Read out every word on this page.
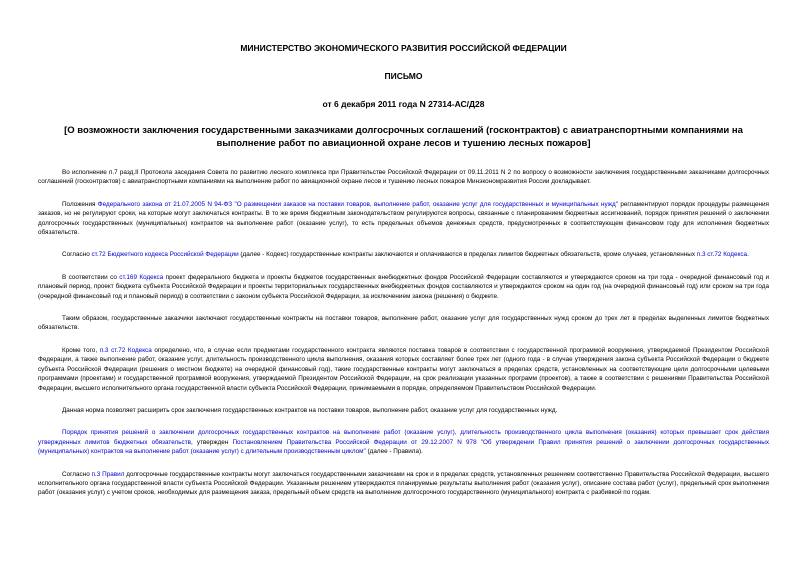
МИНИСТЕРСТВО ЭКОНОМИЧЕСКОГО РАЗВИТИЯ РОССИЙСКОЙ ФЕДЕРАЦИИ
ПИСЬМО
от 6 декабря 2011 года N 27314-АС/Д28
[О возможности заключения государственными заказчиками долгосрочных соглашений (госконтрактов) с авиатранспортными компаниями на выполнение работ по авиационной охране лесов и тушению лесных пожаров]

Во исполнение п.7 разд.II Протокола заседания Совета по развитию лесного комплекса при Правительстве Российской Федерации от 09.11.2011 N 2 по вопросу о возможности заключения государственными заказчиками долгосрочных соглашений (госконтрактов) с авиатранспортными компаниями на выполнение работ по авиационной охране лесов и тушению лесных пожаров Минэкономразвития России докладывает.

Положения Федерального закона от 21.07.2005 N 94-ФЗ "О размещении заказов на поставки товаров, выполнение работ, оказание услуг для государственных и муниципальных нужд" регламентируют порядок процедуры размещения заказов, но не регулируют сроки, на которые могут заключаться контракты. В то же время бюджетным законодательством регулируются вопросы, связанные с планированием бюджетных ассигнований, порядок принятия решений о заключении долгосрочных государственных (муниципальных) контрактов на выполнение работ (оказание услуг), то есть предельных объемов денежных средств, предусмотренных в соответствующем финансовом году для исполнения бюджетных обязательств.

Согласно ст.72 Бюджетного кодекса Российской Федерации (далее - Кодекс) государственные контракты заключаются и оплачиваются в пределах лимитов бюджетных обязательств, кроме случаев, установленных п.3 ст.72 Кодекса.

В соответствии со ст.169 Кодекса проект федерального бюджета и проекты бюджетов государственных внебюджетных фондов Российской Федерации составляются и утверждаются сроком на три года - очередной финансовый год и плановый период, проект бюджета субъекта Российской Федерации и проекты территориальных государственных внебюджетных фондов составляются и утверждаются сроком на один год (на очередной финансовый год) или сроком на три года (очередной финансовый год и плановый период) в соответствии с законом субъекта Российской Федерации, за исключением закона (решения) о бюджете.

Таким образом, государственные заказчики заключают государственные контракты на поставки товаров, выполнение работ, оказание услуг для государственных нужд сроком до трех лет в пределах выделенных лимитов бюджетных обязательств.

Кроме того, п.3 ст.72 Кодекса определено, что, в случае если предметами государственного контракта являются поставка товаров в соответствии с государственной программой вооружения, утверждаемой Президентом Российской Федерации, а также выполнение работ, оказание услуг, длительность производственного цикла выполнения, оказания которых составляет более трех лет (одного года - в случае утверждения закона субъекта Российской Федерации о бюджете субъекта Российской Федерации (решения о местном бюджете) на очередной финансовый год), такие государственные контракты могут заключаться в пределах средств, установленных на соответствующие цели долгосрочными целевыми программами (проектами) и государственной программой вооружения, утверждаемой Президентом Российской Федерации, на срок реализации указанных программ (проектов), а также в соответствии с решениями Правительства Российской Федерации, высшего исполнительного органа государственной власти субъекта Российской Федерации, принимаемыми в порядке, определяемом Правительством Российской Федерации.

Данная норма позволяет расширить срок заключения государственных контрактов на поставки товаров, выполнение работ, оказание услуг для государственных нужд.

Порядок принятия решений о заключении долгосрочных государственных контрактов на выполнение работ (оказание услуг), длительность производственного цикла выполнения (оказания) которых превышает срок действия утвержденных лимитов бюджетных обязательств, утвержден Постановлением Правительства Российской Федерации от 29.12.2007 N 978 "Об утверждении Правил принятия решений о заключении долгосрочных государственных (муниципальных) контрактов на выполнение работ (оказание услуг) с длительным производственным циклом" (далее - Правила).

Согласно п.3 Правил долгосрочные государственные контракты могут заключаться государственными заказчиками на срок и в пределах средств, установленных решением соответственно Правительства Российской Федерации, высшего исполнительного органа государственной власти субъекта Российской Федерации. Указанным решением утверждаются планируемые результаты выполнения работ (оказания услуг), описание состава работ (услуг), предельный срок выполнения работ (оказания услуг) с учетом сроков, необходимых для размещения заказа, предельный объем средств на выполнение долгосрочного государственного (муниципального) контракта с разбивкой по годам.
